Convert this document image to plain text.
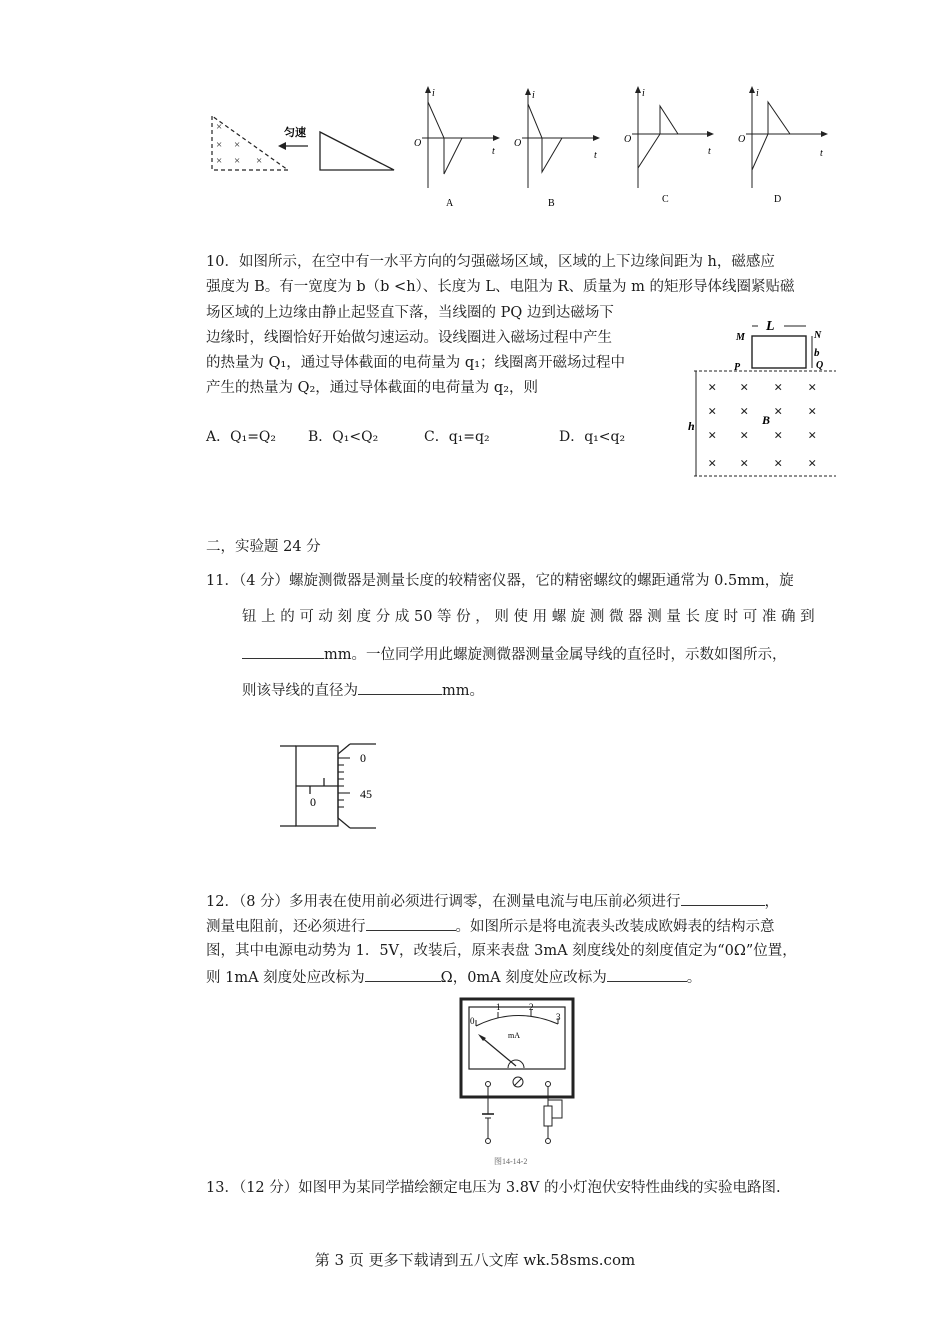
×
× ×
× × ×
匀速
i
O
t
A
i
O
t
B
i
O
t
C
i
O
t
D
10．如图所示，在空中有一水平方向的匀强磁场区域，区域的上下边缘间距为 h，磁感应
强度为 B。有一宽度为 b（b <h）、长度为 L、电阻为 R、质量为 m 的矩形导体线圈紧贴磁
场区域的上边缘由静止起竖直下落，当线圈的 PQ 边到达磁场下
边缘时，线圈恰好开始做匀速运动。设线圈进入磁场过程中产生
的热量为 Q₁，通过导体截面的电荷量为 q₁；线圈离开磁场过程中
产生的热量为 Q₂，通过导体截面的电荷量为 q₂，则
A．Q₁=Q₂ B．Q₁<Q₂	C．q₁=q₂	D．q₁<q₂
L
M	N
P	Q
b
h
× × × ×
× × × ×
× × × ×
× × × ×
B
二，实验题 24 分
11．（4 分）螺旋测微器是测量长度的较精密仪器，它的精密螺纹的螺距通常为 0.5mm，旋
钮 上 的 可 动 刻 度 分 成 50 等 份 ， 则 使 用 螺 旋 测 微 器 测 量 长 度 时 可 准 确 到
mm。一位同学用此螺旋测微器测量金属导线的直径时，示数如图所示，
则该导线的直径为	mm。
0
45
0
12．（8 分）多用表在使用前必须进行调零，在测量电流与电压前必须进行	，
测量电阻前，还必须进行	。如图所示是将电流表头改装成欧姆表的结构示意
图，其中电源电动势为 1．5V，改装后，原来表盘 3mA 刻度线处的刻度值定为“0Ω”位置，
则 1mA 刻度处应改标为	Ω，0mA 刻度处应改标为	。
0
1	2
3
mA
图14-14-2
13．（12 分）如图甲为某同学描绘额定电压为 3.8V 的小灯泡伏安特性曲线的实验电路图.
第 3 页 更多下载请到五八文库 wk.58sms.com
